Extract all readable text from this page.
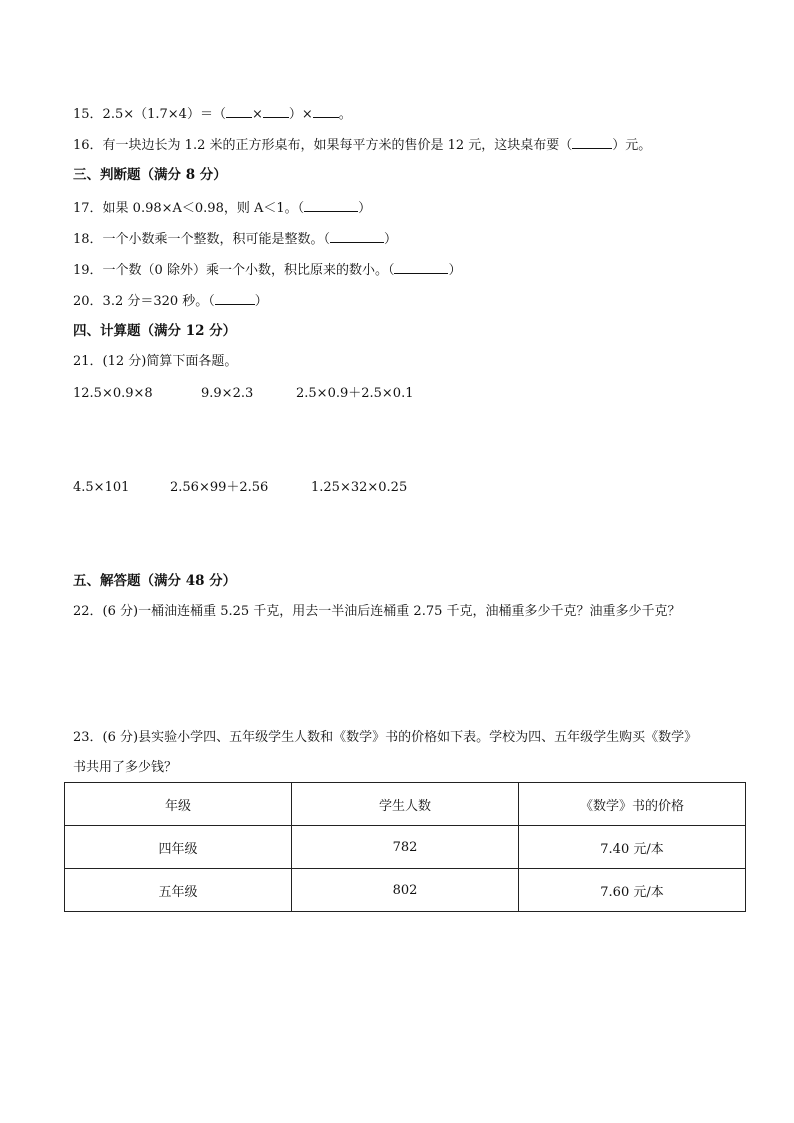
15．2.5×（1.7×4）＝（ × ）× 。
16．有一块边长为 1.2 米的正方形桌布，如果每平方米的售价是 12 元，这块桌布要（	）元。
三、判断题（满分 8 分）
17．如果 0.98×A＜0.98，则 A＜1。（	）
18．一个小数乘一个整数，积可能是整数。（	）
19．一个数（0 除外）乘一个小数，积比原来的数小。（	）
20．3.2 分＝320 秒。（	）
四、计算题（满分 12 分）
21．(12 分)简算下面各题。
12.5×0.9×8	9.9×2.3	2.5×0.9＋2.5×0.1
4.5×101	2.56×99＋2.56	1.25×32×0.25
五、解答题（满分 48 分）
22．(6 分)一桶油连桶重 5.25 千克，用去一半油后连桶重 2.75 千克，油桶重多少千克？油重多少千克？
23．(6 分)县实验小学四、五年级学生人数和《数学》书的价格如下表。学校为四、五年级学生购买《数学》
书共用了多少钱？
年级	学生人数	《数学》书的价格
四年级	782	7.40 元/本
五年级	802	7.60 元/本
